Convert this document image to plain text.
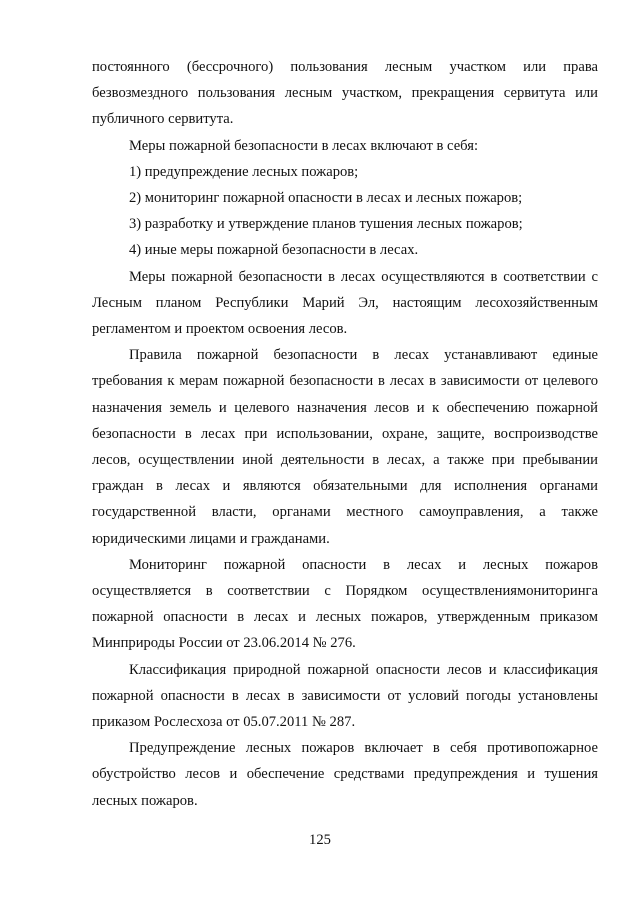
постоянного (бессрочного) пользования лесным участком или права безвозмездного пользования лесным участком, прекращения сервитута или публичного сервитута.

Меры пожарной безопасности в лесах включают в себя:

1) предупреждение лесных пожаров;

2) мониторинг пожарной опасности в лесах и лесных пожаров;

3) разработку и утверждение планов тушения лесных пожаров;

4) иные меры пожарной безопасности в лесах.

Меры пожарной безопасности в лесах осуществляются в соответствии с Лесным планом Республики Марий Эл, настоящим лесохозяйственным регламентом и проектом освоения лесов.

Правила пожарной безопасности в лесах устанавливают единые требования к мерам пожарной безопасности в лесах в зависимости от целевого назначения земель и целевого назначения лесов и к обеспечению пожарной безопасности в лесах при использовании, охране, защите, воспроизводстве лесов, осуществлении иной деятельности в лесах, а также при пребывании граждан в лесах и являются обязательными для исполнения органами государственной власти, органами местного самоуправления, а также юридическими лицами и гражданами.

Мониторинг пожарной опасности в лесах и лесных пожаров осуществляется в соответствии с Порядком осуществлениямониторинга пожарной опасности в лесах и лесных пожаров, утвержденным приказом Минприроды России от 23.06.2014 № 276.

Классификация природной пожарной опасности лесов и классификация пожарной опасности в лесах в зависимости от условий погоды установлены приказом Рослесхоза от 05.07.2011 № 287.

Предупреждение лесных пожаров включает в себя противопожарное обустройство лесов и обеспечение средствами предупреждения и тушения лесных пожаров.

125
